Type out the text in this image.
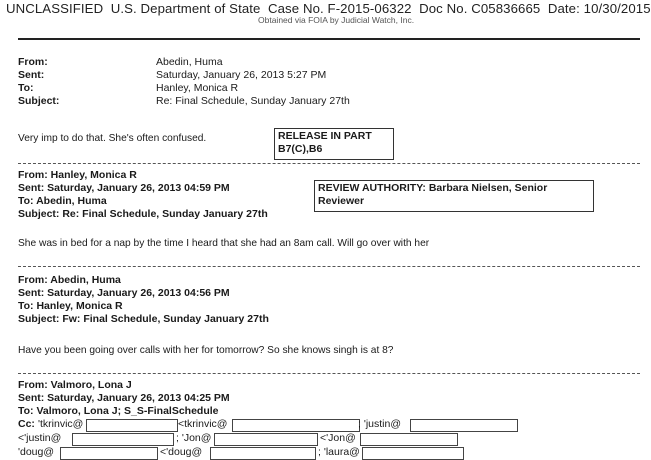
UNCLASSIFIED U.S. Department of State Case No. F-2015-06322 Doc No. C05836665 Date: 10/30/2015
Obtained via FOIA by Judicial Watch, Inc.
From:	Abedin, Huma
Sent:	Saturday, January 26, 2013 5:27 PM
To:	Hanley, Monica R
Subject:	Re: Final Schedule, Sunday January 27th
Very imp to do that. She's often confused.	RELEASE IN PART
B7(C),B6
From: Hanley, Monica R
Sent: Saturday, January 26, 2013 04:59 PM
To: Abedin, Huma
Subject: Re: Final Schedule, Sunday January 27th
REVIEW AUTHORITY: Barbara Nielsen, Senior
Reviewer
She was in bed for a nap by the time I heard that she had an 8am call. Will go over with her
From: Abedin, Huma
Sent: Saturday, January 26, 2013 04:56 PM
To: Hanley, Monica R
Subject: Fw: Final Schedule, Sunday January 27th
Have you been going over calls with her for tomorrow? So she knows singh is at 8?
From: Valmoro, Lona J
Sent: Saturday, January 26, 2013 04:25 PM
To: Valmoro, Lona J; S_S-FinalSchedule
Cc: 'tkrinvic@	<tkrinvic@	; 'justin@
<'justin@	; 'Jon@	<'Jon@
'doug@	<'doug@	; 'laura@
